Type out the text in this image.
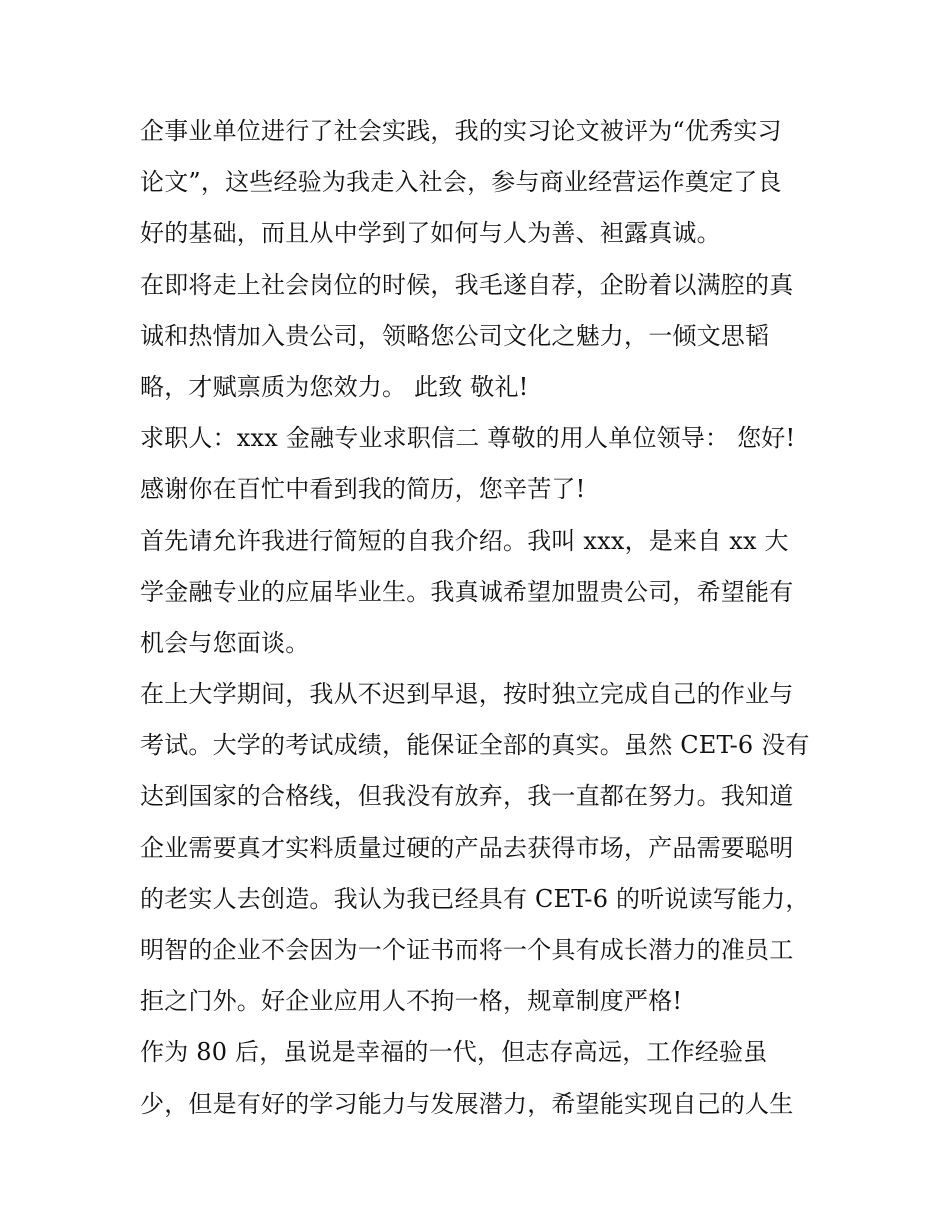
企事业单位进行了社会实践，我的实习论文被评为“优秀实习
论文”，这些经验为我走入社会，参与商业经营运作奠定了良
好的基础，而且从中学到了如何与人为善、袒露真诚。
在即将走上社会岗位的时候，我毛遂自荐，企盼着以满腔的真
诚和热情加入贵公司，领略您公司文化之魅力，一倾文思韬
略，才赋禀质为您效力。 此致 敬礼!
求职人：xxx 金融专业求职信二 尊敬的用人单位领导： 您好!
感谢你在百忙中看到我的简历，您辛苦了!
首先请允许我进行简短的自我介绍。我叫 xxx，是来自 xx 大
学金融专业的应届毕业生。我真诚希望加盟贵公司，希望能有
机会与您面谈。
在上大学期间，我从不迟到早退，按时独立完成自己的作业与
考试。大学的考试成绩，能保证全部的真实。虽然 CET-6 没有
达到国家的合格线，但我没有放弃，我一直都在努力。我知道
企业需要真才实料质量过硬的产品去获得市场，产品需要聪明
的老实人去创造。我认为我已经具有 CET-6 的听说读写能力，
明智的企业不会因为一个证书而将一个具有成长潜力的准员工
拒之门外。好企业应用人不拘一格，规章制度严格!
作为 80 后，虽说是幸福的一代，但志存高远，工作经验虽
少，但是有好的学习能力与发展潜力，希望能实现自己的人生
